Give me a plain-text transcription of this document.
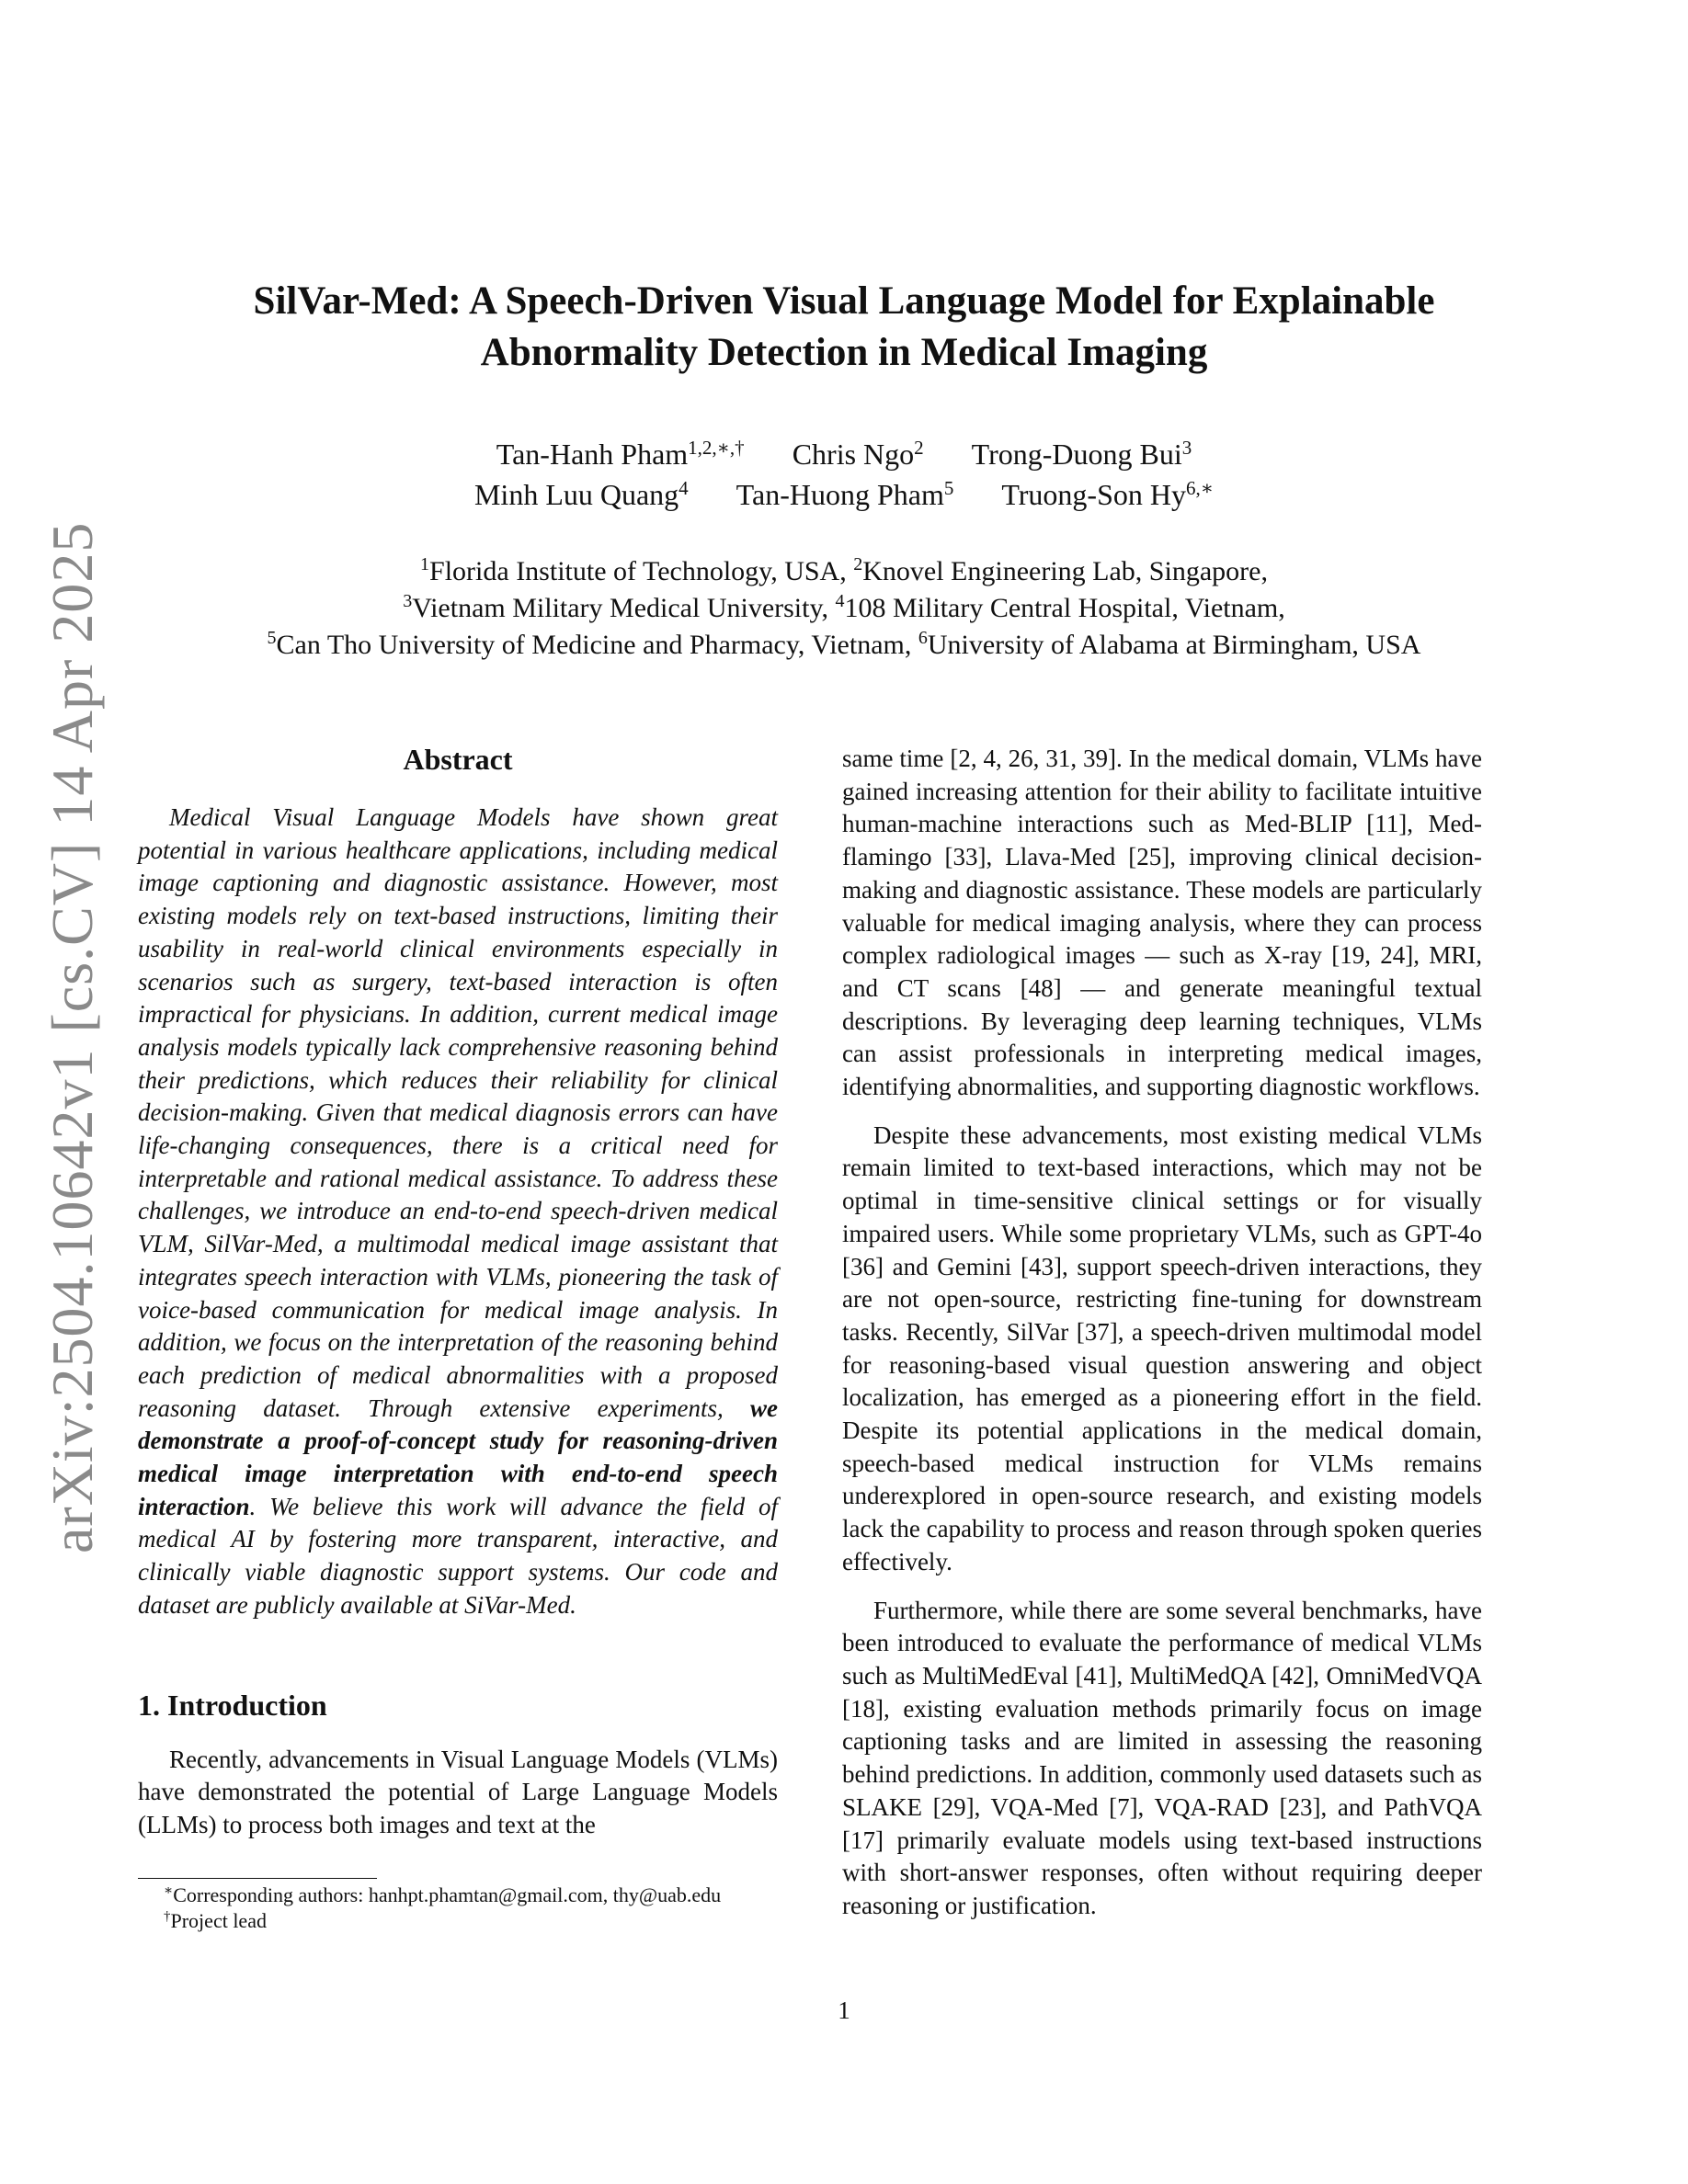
arXiv:2504.10642v1 [cs.CV] 14 Apr 2025
SilVar-Med: A Speech-Driven Visual Language Model for Explainable
Abnormality Detection in Medical Imaging
Tan-Hanh Pham$^{1,2,∗,\dagger}$ Chris Ngo$^2$ Trong-Duong Bui$^3$
Minh Luu Quang$^4$ Tan-Huong Pham$^5$ Truong-Son $Hy^{6,∗}$
$^1$Florida Institute of Technology, USA, $^2$Knovel Engineering Lab, Singapore,
$^3$Vietnam Military Medical University, $^4$108 Military Central Hospital, Vietnam,
$^5$Can Tho University of Medicine and Pharmacy, Vietnam, $^6$University of Alabama at Birmingham, USA
Abstract

Medical Visual Language Models have shown great potential in various healthcare applications, including medical image captioning and diagnostic assistance. However, most existing models rely on text-based instructions, limiting their usability in real-world clinical environments especially in scenarios such as surgery, text-based interaction is often impractical for physicians. In addition, current medical image analysis models typically lack comprehensive reasoning behind their predictions, which reduces their reliability for clinical decision-making. Given that medical diagnosis errors can have life-changing consequences, there is a critical need for interpretable and rational medical assistance. To address these challenges, we introduce an end-to-end speech-driven medical VLM, SilVar-Med, a multimodal medical image assistant that integrates speech interaction with VLMs, pioneering the task of voice-based communication for medical image analysis. In addition, we focus on the interpretation of the reasoning behind each prediction of medical abnormalities with a proposed reasoning dataset. Through extensive experiments, we demonstrate a proof-of-concept study for reasoning-driven medical image interpretation with end-to-end speech interaction. We believe this work will advance the field of medical AI by fostering more transparent, interactive, and clinically viable diagnostic support systems. Our code and dataset are publicly available at SiVar-Med.

1. Introduction

Recently, advancements in Visual Language Models (VLMs) have demonstrated the potential of Large Language Models (LLMs) to process both images and text at the

same time [2, 4, 26, 31, 39]. In the medical domain, VLMs have gained increasing attention for their ability to facilitate intuitive human-machine interactions such as Med-BLIP [11], Med-flamingo [33], Llava-Med [25], improving clinical decision-making and diagnostic assistance. These models are particularly valuable for medical imaging analysis, where they can process complex radiological images — such as X-ray [19, 24], MRI, and CT scans [48] — and generate meaningful textual descriptions. By leveraging deep learning techniques, VLMs can assist professionals in interpreting medical images, identifying abnormalities, and supporting diagnostic workflows.

Despite these advancements, most existing medical VLMs remain limited to text-based interactions, which may not be optimal in time-sensitive clinical settings or for visually impaired users. While some proprietary VLMs, such as GPT-4o [36] and Gemini [43], support speech-driven interactions, they are not open-source, restricting fine-tuning for downstream tasks. Recently, SilVar [37], a speech-driven multimodal model for reasoning-based visual question answering and object localization, has emerged as a pioneering effort in the field. Despite its potential applications in the medical domain, speech-based medical instruction for VLMs remains underexplored in open-source research, and existing models lack the capability to process and reason through spoken queries effectively.

Furthermore, while there are some several benchmarks, have been introduced to evaluate the performance of medical VLMs such as MultiMedEval [41], MultiMedQA [42], OmniMedVQA [18], existing evaluation methods primarily focus on image captioning tasks and are limited in assessing the reasoning behind predictions. In addition, commonly used datasets such as SLAKE [29], VQA-Med [7], VQA-RAD [23], and PathVQA [17] primarily evaluate models using text-based instructions with short-answer responses, often without requiring deeper reasoning or justification.

∗Corresponding authors: hanhpt.phamtan@gmail.com, thy@uab.edu
†Project lead
1
